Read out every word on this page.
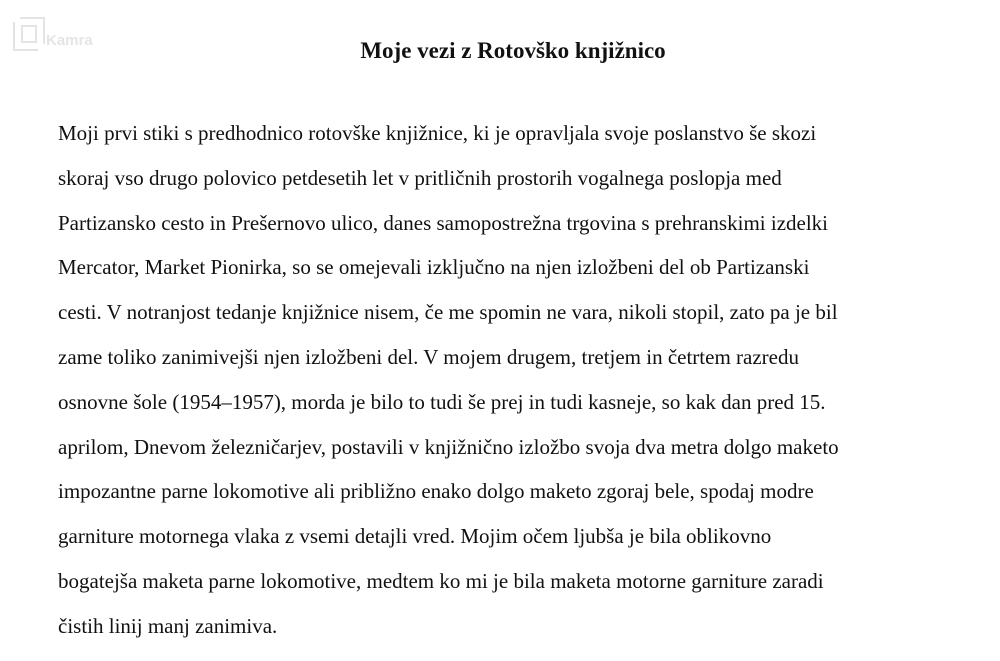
Kamra	Moje vezi z Rotovško knjižnico
Moji prvi stiki s predhodnico rotovške knjižnice, ki je opravljala svoje poslanstvo še skozi
skoraj vso drugo polovico petdesetih let v pritličnih prostorih vogalnega poslopja med
Partizansko cesto in Prešernovo ulico, danes samopostrežna trgovina s prehranskimi izdelki
Mercator, Market Pionirka, so se omejevali izključno na njen izložbeni del ob Partizanski
cesti. V notranjost tedanje knjižnice nisem, če me spomin ne vara, nikoli stopil, zato pa je bil
zame toliko zanimivejši njen izložbeni del. V mojem drugem, tretjem in četrtem razredu
osnovne šole (1954–1957), morda je bilo to tudi še prej in tudi kasneje, so kak dan pred 15.
aprilom, Dnevom železničarjev, postavili v knjižnično izložbo svoja dva metra dolgo maketo
impozantne parne lokomotive ali približno enako dolgo maketo zgoraj bele, spodaj modre
garniture motornega vlaka z vsemi detajli vred. Mojim očem ljubša je bila oblikovno
bogatejša maketa parne lokomotive, medtem ko mi je bila maketa motorne garniture zaradi
čistih linij manj zanimiva.
